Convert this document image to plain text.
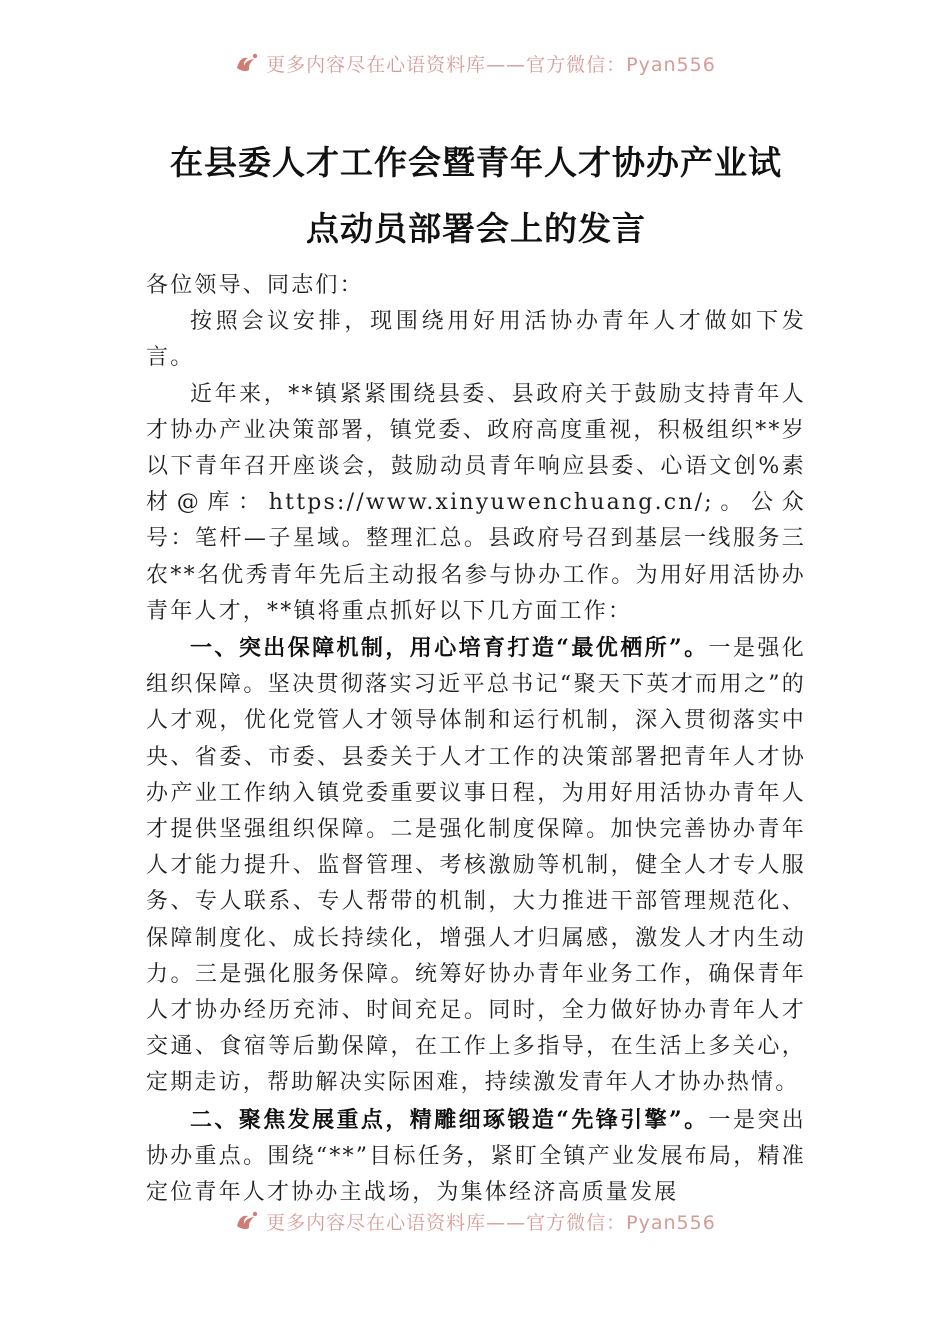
更多内容尽在心语资料库——官方微信：Pyan556
在县委人才工作会暨青年人才协办产业试
点动员部署会上的发言

各位领导、同志们：

按照会议安排，现围绕用好用活协办青年人才做如下发言。

近年来，**镇紧紧围绕县委、县政府关于鼓励支持青年人才协办产业决策部署，镇党委、政府高度重视，积极组织**岁以下青年召开座谈会，鼓励动员青年响应县委、心语文创%素材@库：https://www.xinyuwenchuang.cn/;。公众号：笔杆—子星域。整理汇总。县政府号召到基层一线服务三农**名优秀青年先后主动报名参与协办工作。为用好用活协办青年人才，**镇将重点抓好以下几方面工作：

一、突出保障机制，用心培育打造“最优栖所”。一是强化组织保障。坚决贯彻落实习近平总书记“聚天下英才而用之”的人才观，优化党管人才领导体制和运行机制，深入贯彻落实中央、省委、市委、县委关于人才工作的决策部署把青年人才协办产业工作纳入镇党委重要议事日程，为用好用活协办青年人才提供坚强组织保障。二是强化制度保障。加快完善协办青年人才能力提升、监督管理、考核激励等机制，健全人才专人服务、专人联系、专人帮带的机制，大力推进干部管理规范化、保障制度化、成长持续化，增强人才归属感，激发人才内生动力。三是强化服务保障。统筹好协办青年业务工作，确保青年人才协办经历充沛、时间充足。同时，全力做好协办青年人才交通、食宿等后勤保障，在工作上多指导，在生活上多关心，定期走访，帮助解决实际困难，持续激发青年人才协办热情。

二、聚焦发展重点，精雕细琢锻造“先锋引擎”。一是突出协办重点。围绕“**”目标任务，紧盯全镇产业发展布局，精准定位青年人才协办主战场，为集体经济高质量发展

更多内容尽在心语资料库——官方微信：Pyan556
